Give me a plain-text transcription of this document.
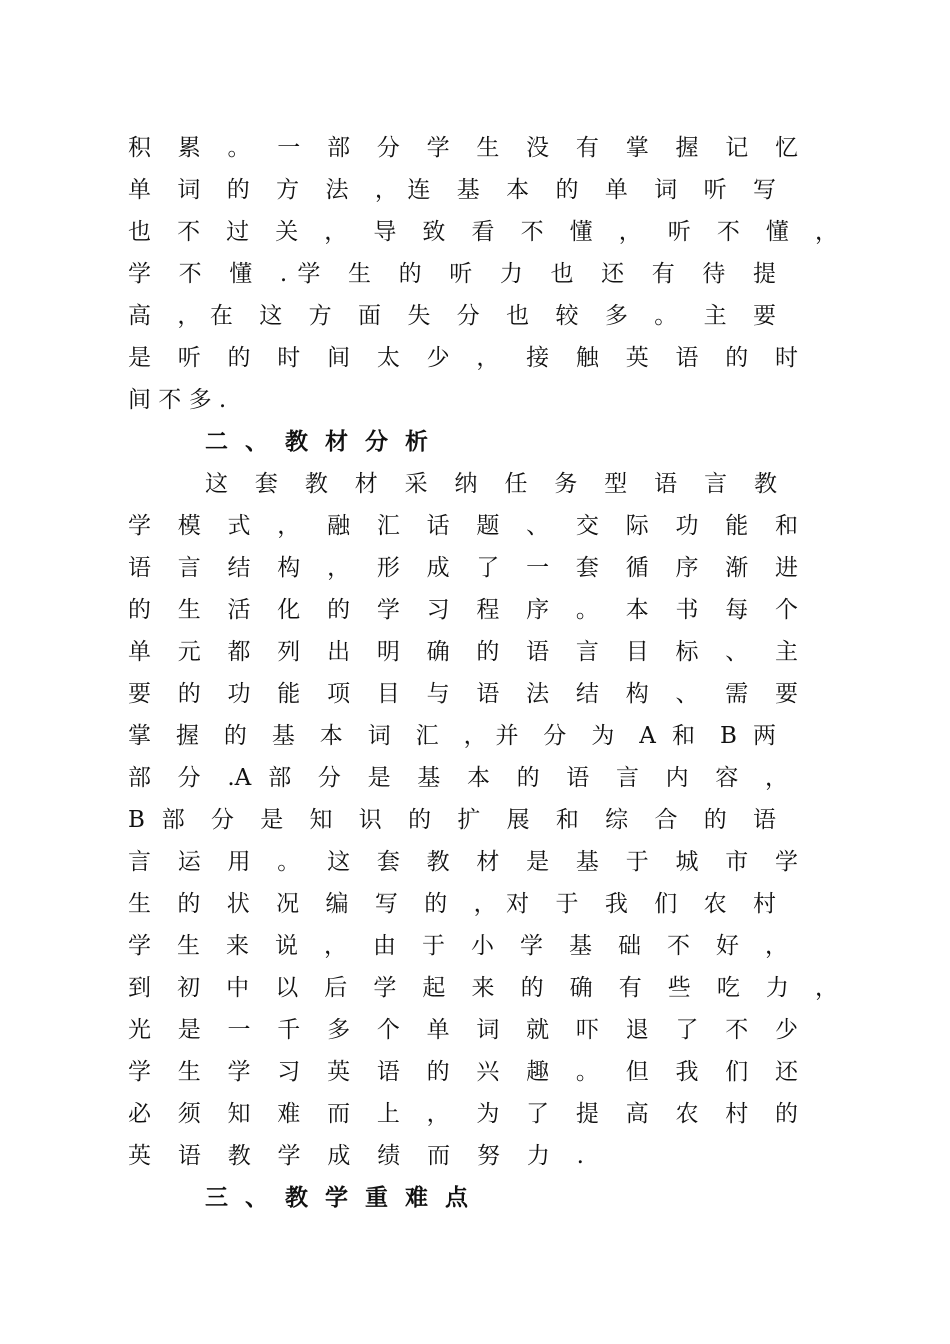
积 累 。 一 部 分 学 生 没 有 掌 握 记 忆

单 词 的 方 法 ，连 基 本 的 单 词 听 写

也 不 过 关 ， 导 致 看 不 懂 ， 听 不 懂 ，

学 不 懂 .学 生 的 听 力 也 还 有 待 提

高 ，在 这 方 面 失 分 也 较 多 。 主 要

是 听 的 时 间 太 少 ， 接 触 英 语 的 时

间 不 多 .

二、教材分析

这 套 教 材 采 纳 任 务 型 语 言 教

学 模 式 ， 融 汇 话 题 、 交 际 功 能 和

语 言 结 构 ， 形 成 了 一 套 循 序 渐 进

的 生 活 化 的 学 习 程 序 。 本 书 每 个

单 元 都 列 出 明 确 的 语 言 目 标 、 主

要 的 功 能 项 目 与 语 法 结 构 、 需 要

掌 握 的 基 本 词 汇 ，并 分 为 A 和 B 两

部 分 .A 部 分 是 基 本 的 语 言 内 容 ，

B 部 分 是 知 识 的 扩 展 和 综 合 的 语

言 运 用 。 这 套 教 材 是 基 于 城 市 学

生 的 状 况 编 写 的 ，对 于 我 们 农 村

学 生 来 说 ， 由 于 小 学 基 础 不 好 ，

到 初 中 以 后 学 起 来 的 确 有 些 吃 力 ，

光 是 一 千 多 个 单 词 就 吓 退 了 不 少

学 生 学 习 英 语 的 兴 趣 。 但 我 们 还

必 须 知 难 而 上 ， 为 了 提 高 农 村 的

英 语 教 学 成 绩 而 努 力 .

三、教学重难点
